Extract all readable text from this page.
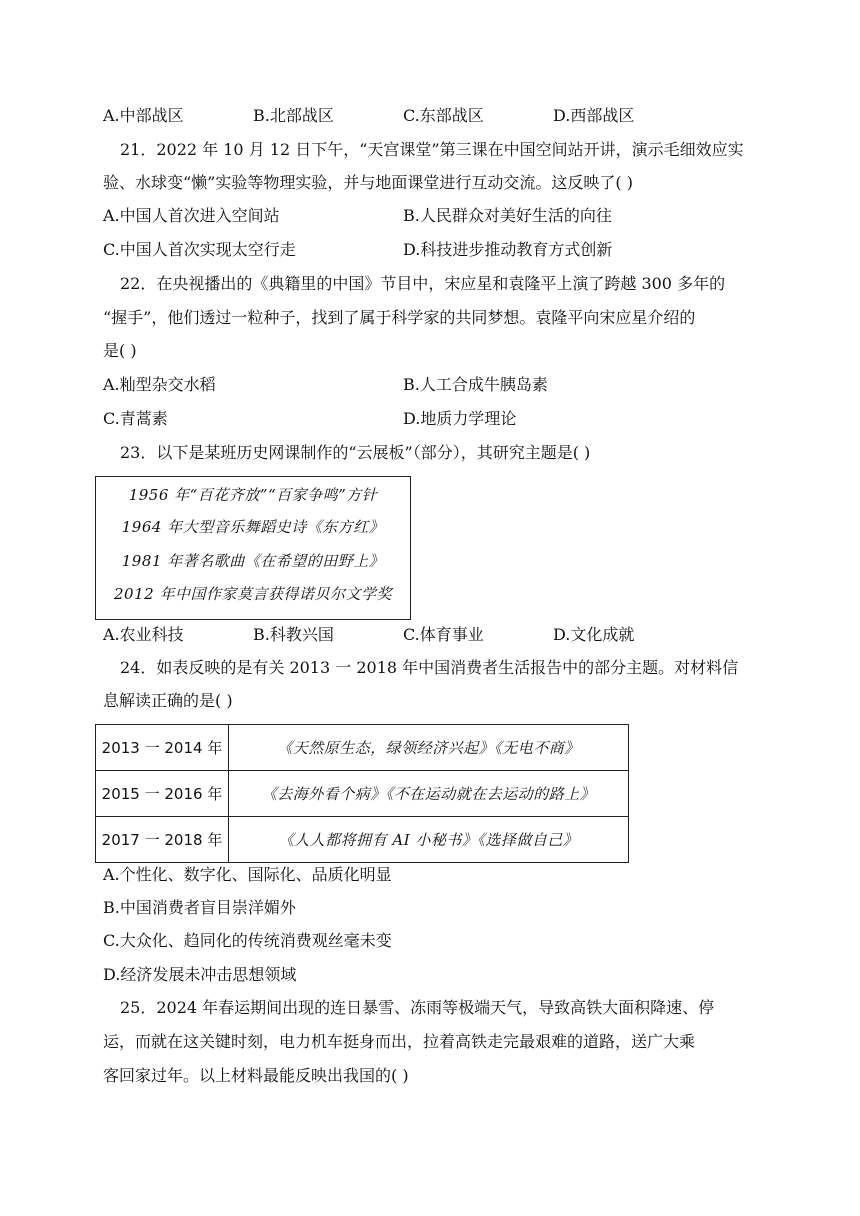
A.中部战区	B.北部战区	C.东部战区	D.西部战区
21．2022 年 10 月 12 日下午，“天宫课堂”第三课在中国空间站开讲，演示毛细效应实
验、水球变“懒”实验等物理实验，并与地面课堂进行互动交流。这反映了( )
A.中国人首次进入空间站	B.人民群众对美好生活的向往
C.中国人首次实现太空行走	D.科技进步推动教育方式创新
22．在央视播出的《典籍里的中国》节目中，宋应星和袁隆平上演了跨越 300 多年的
“握手”，他们透过一粒种子，找到了属于科学家的共同梦想。袁隆平向宋应星介绍的
是( )
A.籼型杂交水稻	B.人工合成牛胰岛素
C.青蒿素	D.地质力学理论
23．以下是某班历史网课制作的“云展板”（部分），其研究主题是( )
1956 年“百花齐放”“百家争鸣”方针
1964 年大型音乐舞蹈史诗《东方红》
1981 年著名歌曲《在希望的田野上》
2012 年中国作家莫言获得诺贝尔文学奖
A.农业科技	B.科教兴国	C.体育事业	D.文化成就
24．如表反映的是有关 2013 一 2018 年中国消费者生活报告中的部分主题。对材料信
息解读正确的是( )
2013 一 2014 年	《天然原生态，绿领经济兴起》《无电不商》
2015 一 2016 年	《去海外看个病》《不在运动就在去运动的路上》
2017 一 2018 年	《人人都将拥有 AI 小秘书》《选择做自己》
A.个性化、数字化、国际化、品质化明显
B.中国消费者盲目崇洋媚外
C.大众化、趋同化的传统消费观丝毫未变
D.经济发展未冲击思想领域
25．2024 年春运期间出现的连日暴雪、冻雨等极端天气，导致高铁大面积降速、停
运，而就在这关键时刻，电力机车挺身而出，拉着高铁走完最艰难的道路，送广大乘
客回家过年。以上材料最能反映出我国的( )
